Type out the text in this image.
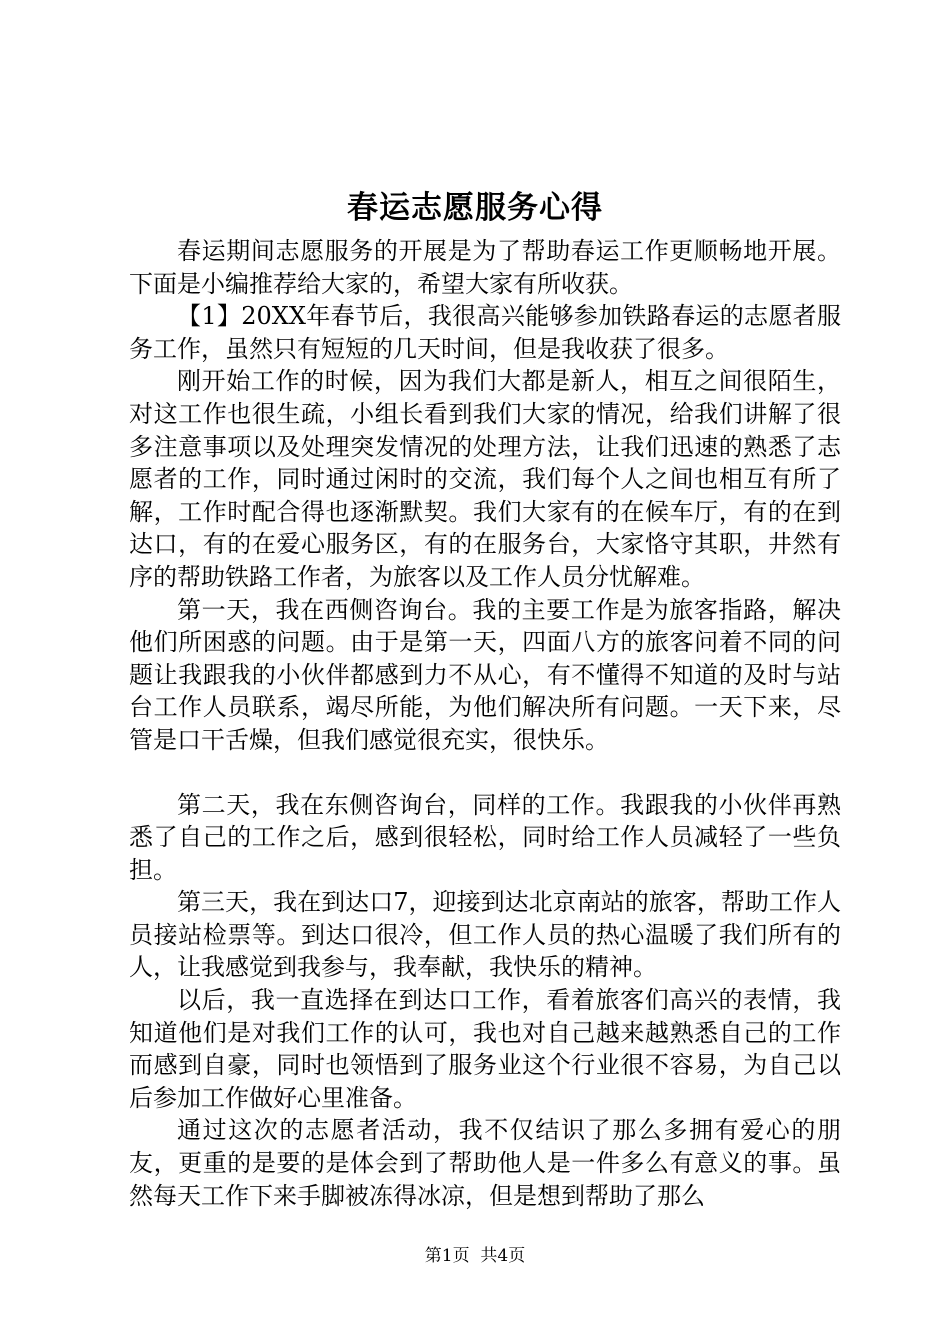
春运志愿服务心得

春运期间志愿服务的开展是为了帮助春运工作更顺畅地开展。下面是小编推荐给大家的，希望大家有所收获。

【1】20XX年春节后，我很高兴能够参加铁路春运的志愿者服务工作，虽然只有短短的几天时间，但是我收获了很多。

刚开始工作的时候，因为我们大都是新人，相互之间很陌生，对这工作也很生疏，小组长看到我们大家的情况，给我们讲解了很多注意事项以及处理突发情况的处理方法，让我们迅速的熟悉了志愿者的工作，同时通过闲时的交流，我们每个人之间也相互有所了解，工作时配合得也逐渐默契。我们大家有的在候车厅，有的在到达口，有的在爱心服务区，有的在服务台，大家恪守其职，井然有序的帮助铁路工作者，为旅客以及工作人员分忧解难。

第一天，我在西侧咨询台。我的主要工作是为旅客指路，解决他们所困惑的问题。由于是第一天，四面八方的旅客问着不同的问题让我跟我的小伙伴都感到力不从心，有不懂得不知道的及时与站台工作人员联系，竭尽所能，为他们解决所有问题。一天下来，尽管是口干舌燥，但我们感觉很充实，很快乐。

第二天，我在东侧咨询台，同样的工作。我跟我的小伙伴再熟悉了自己的工作之后，感到很轻松，同时给工作人员减轻了一些负担。

第三天，我在到达口7，迎接到达北京南站的旅客，帮助工作人员接站检票等。到达口很冷，但工作人员的热心温暖了我们所有的人，让我感觉到我参与，我奉献，我快乐的精神。

以后，我一直选择在到达口工作，看着旅客们高兴的表情，我知道他们是对我们工作的认可，我也对自己越来越熟悉自己的工作而感到自豪，同时也领悟到了服务业这个行业很不容易，为自己以后参加工作做好心里准备。

通过这次的志愿者活动，我不仅结识了那么多拥有爱心的朋友，更重的是要的是体会到了帮助他人是一件多么有意义的事。虽然每天工作下来手脚被冻得冰凉，但是想到帮助了那么

第1页 共4页
